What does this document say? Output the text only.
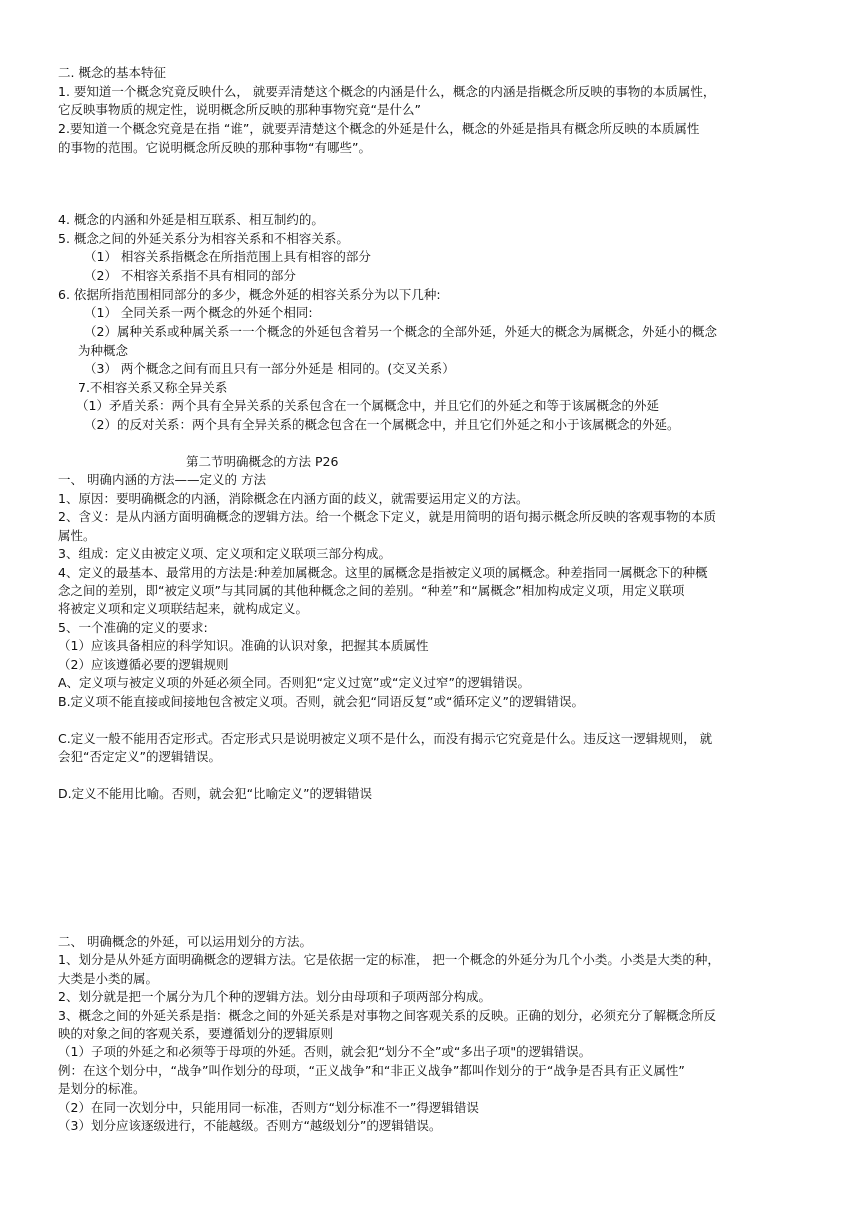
二. 概念的基本特征
1. 要知道一个概念究竟反映什么， 就要弄清楚这个概念的内涵是什么，概念的内涵是指概念所反映的事物的本质属性，
它反映事物质的规定性，说明概念所反映的那种事物究竟“是什么”
2.要知道一个概念究竟是在指 “谁”，就要弄清楚这个概念的外延是什么，概念的外延是指具有概念所反映的本质属性
的事物的范围。它说明概念所反映的那种事物“有哪些”。
4. 概念的内涵和外延是相互联系、相互制约的。
5. 概念之间的外延关系分为相容关系和不相容关系。
（1） 相容关系指概念在所指范围上具有相容的部分
（2） 不相容关系指不具有相同的部分
6. 依据所指范围相同部分的多少，概念外延的相容关系分为以下几种:
（1） 全同关系一两个概念的外延个相同:
（2）属种关系或种属关系一一个概念的外延包含着另一个概念的全部外延，外延大的概念为属概念，外延小的概念
为种概念
（3） 两个概念之间有而且只有一部分外延是 相同的。(交叉关系）
7.不相容关系又称全异关系
（1）矛盾关系：两个具有全异关系的关系包含在一个属概念中，并且它们的外延之和等于该属概念的外延
（2）的反对关系：两个具有全异关系的概念包含在一个属概念中，并且它们外延之和小于该属概念的外延。
第二节明确概念的方法 P26
一、 明确内涵的方法——定义的 方法
1、原因：要明确概念的内涵，消除概念在内涵方面的歧义，就需要运用定义的方法。
2、含义：是从内涵方面明确概念的逻辑方法。给一个概念下定义，就是用简明的语句揭示概念所反映的客观事物的本质
属性。
3、组成：定义由被定义项、定义项和定义联项三部分构成。
4、定义的最基本、最常用的方法是:种差加属概念。这里的属概念是指被定义项的属概念。种差指同一属概念下的种概
念之间的差别，即“被定义项”与其同属的其他种概念之间的差别。“种差”和“属概念”相加构成定义项，用定义联项
将被定义项和定义项联结起来，就构成定义。
5、一个准确的定义的要求:
（1）应该具备相应的科学知识。准确的认识对象，把握其本质属性
（2）应该遵循必要的逻辑规则
A、定义项与被定义项的外延必须全同。否则犯“定义过宽”或“定义过窄”的逻辑错误。
B.定义项不能直接或间接地包含被定义项。否则，就会犯“同语反复”或“循环定义”的逻辑错误。
C.定义一般不能用否定形式。否定形式只是说明被定义项不是什么，而没有揭示它究竟是什么。违反这一逻辑规则， 就
会犯“否定定义”的逻辑错误。
D.定义不能用比喻。否则，就会犯“比喻定义”的逻辑错误
二、 明确概念的外延，可以运用划分的方法。
1、划分是从外延方面明确概念的逻辑方法。它是依据一定的标准， 把一个概念的外延分为几个小类。小类是大类的种，
大类是小类的属。
2、划分就是把一个属分为几个种的逻辑方法。划分由母项和子项两部分构成。
3、概念之间的外延关系是指：概念之间的外延关系是对事物之间客观关系的反映。正确的划分，必须充分了解概念所反
映的对象之间的客观关系，要遵循划分的逻辑原则
（1）子项的外延之和必须等于母项的外延。否则，就会犯“划分不全”或“多出子项"的逻辑错误。
例：在这个划分中，“战争”叫作划分的母项，“正义战争”和“非正义战争”都叫作划分的于“战争是否具有正义属性”
是划分的标准。
（2）在同一次划分中，只能用同一标准，否则方“划分标准不一”得逻辑错误
（3）划分应该逐级进行，不能越级。否则方“越级划分”的逻辑错误。
